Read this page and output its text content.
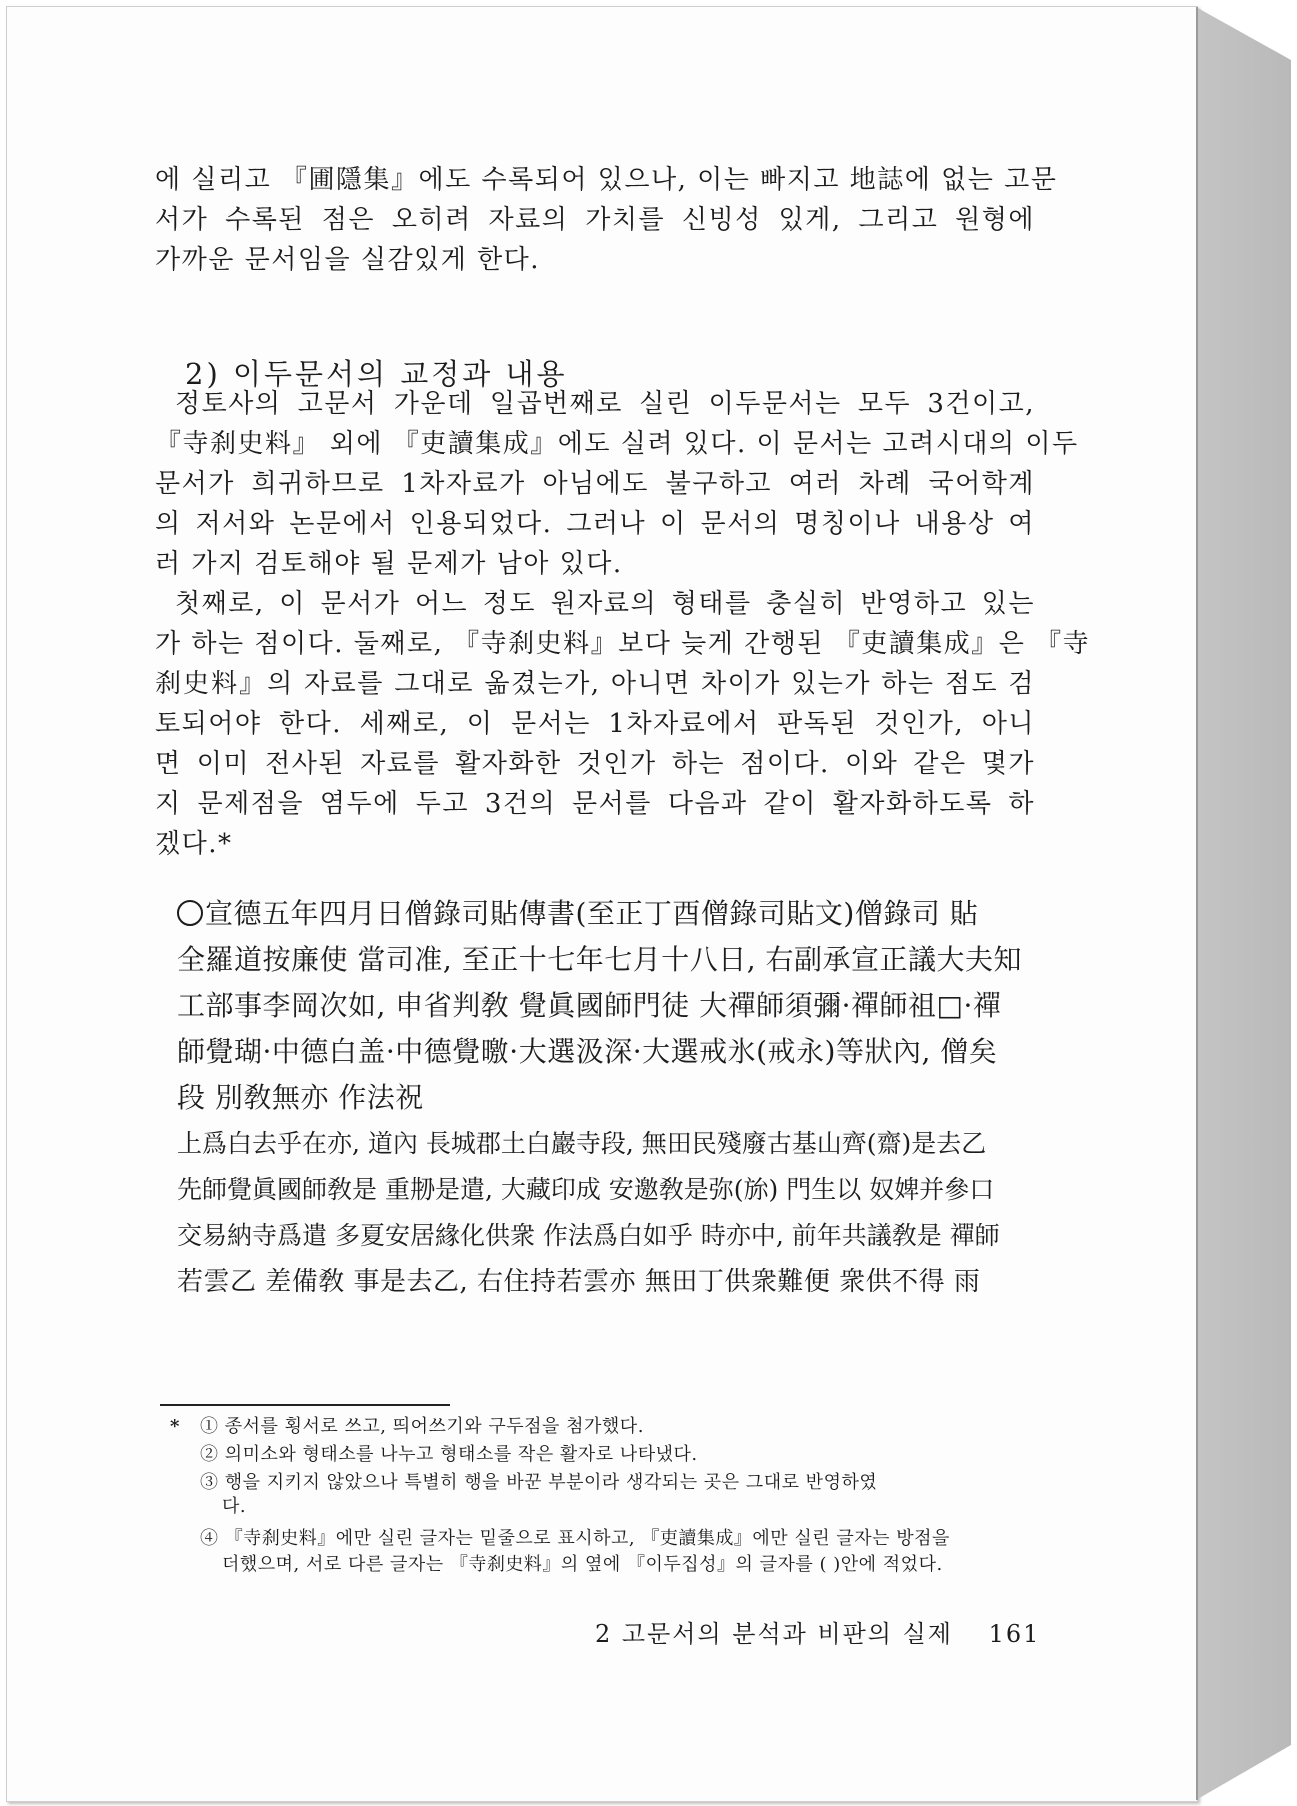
에 실리고 『圃隱集』에도 수록되어 있으나, 이는 빠지고 地誌에 없는 고문

서가 수록된 점은 오히려 자료의 가치를 신빙성 있게, 그리고 원형에

가까운 문서임을 실감있게 한다.

2) 이두문서의 교정과 내용

정토사의 고문서 가운데 일곱번째로 실린 이두문서는 모두 3건이고,

『寺刹史料』 외에 『吏讀集成』에도 실려 있다. 이 문서는 고려시대의 이두

문서가 희귀하므로 1차자료가 아님에도 불구하고 여러 차례 국어학계

의 저서와 논문에서 인용되었다. 그러나 이 문서의 명칭이나 내용상 여

러 가지 검토해야 될 문제가 남아 있다.

첫째로, 이 문서가 어느 정도 원자료의 형태를 충실히 반영하고 있는

가 하는 점이다. 둘째로, 『寺刹史料』보다 늦게 간행된 『吏讀集成』은 『寺

刹史料』의 자료를 그대로 옮겼는가, 아니면 차이가 있는가 하는 점도 검

토되어야 한다. 세째로, 이 문서는 1차자료에서 판독된 것인가, 아니

면 이미 전사된 자료를 활자화한 것인가 하는 점이다. 이와 같은 몇가

지 문제점을 염두에 두고 3건의 문서를 다음과 같이 활자화하도록 하

겠다.*

宣德五年四月日僧錄司貼傳書(至正丁酉僧錄司貼文)僧錄司 貼

全羅道按廉使 當司准, 至正十七年七月十八日, 右副承宣正議大夫知

工部事李岡次如, 申省判敎 覺眞國師門徒 大禪師須彌·禪師祖□·禪

師覺瑚·中德白盖·中德覺曒·大選汲深·大選戒氷(戒永)等狀內, 僧矣

段 別敎無亦 作法祝

上爲白去乎在亦, 道內 長城郡土白巖寺段, 無田民殘廢古基山齊(齋)是去乙

先師覺眞國師敎是 重刱是遣, 大藏印成 安邀敎是弥(旀) 門生以 奴婢并參口

交易納寺爲遣 多夏安居緣化供衆 作法爲白如乎 時亦中, 前年共議敎是 禪師

若雲乙 差備敎 事是去乙, 右住持若雲亦 無田丁供衆難便 衆供不得 雨

* ① 종서를 횡서로 쓰고, 띄어쓰기와 구두점을 첨가했다.
② 의미소와 형태소를 나누고 형태소를 작은 활자로 나타냈다.
③ 행을 지키지 않았으나 특별히 행을 바꾼 부분이라 생각되는 곳은 그대로 반영하였
다.
④ 『寺刹史料』에만 실린 글자는 밑줄으로 표시하고, 『吏讀集成』에만 실린 글자는 방점을
더했으며, 서로 다른 글자는 『寺刹史料』의 옆에 『이두집성』의 글자를 ( )안에 적었다.
2 고문서의 분석과 비판의 실제 161
